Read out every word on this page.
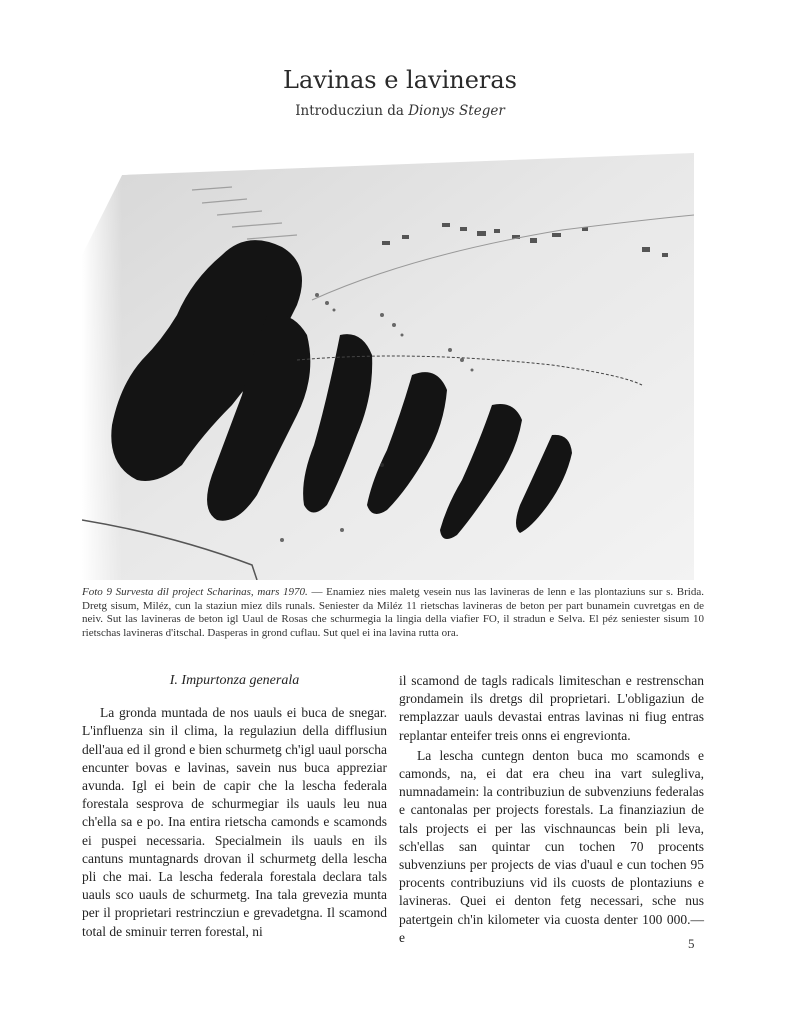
Lavinas e lavineras
Introducziun da Dionys Steger
Foto 9 Survesta dil project Scharinas, mars 1970. — Enamiez nies maletg vesein nus las lavineras de lenn e las plontaziuns sur s. Brida. Dretg sisum, Miléz, cun la staziun miez dils runals. Seniester da Miléz 11 rietschas lavineras de beton per part bunamein cuvretgas en de neiv. Sut las lavineras de beton igl Uaul de Rosas che schurmegia la lingia della viafier FO, il stradun e Selva. El péz seniester sisum 10 rietschas lavineras d'itschal. Dasperas in grond cuflau. Sut quel ei ina lavina rutta ora.
I. Impurtonza generala

La gronda muntada de nos uauls ei buca de snegar. L'influenza sin il clima, la regulaziun della difflusiun dell'aua ed il grond e bien schurmetg ch'igl uaul porscha encunter bovas e lavinas, savein nus buca appreziar avunda. Igl ei bein de capir che la lescha federala forestala sesprova de schurmegiar ils uauls leu nua ch'ella sa e po. Ina entira rietscha camonds e scamonds ei puspei necessaria. Specialmein ils uauls en ils cantuns muntagnards drovan il schurmetg della lescha pli che mai. La lescha federala forestala declara tals uauls sco uauls de schurmetg. Ina tala grevezia munta per il proprietari restrincziun e grevadetgna. Il scamond total de sminuir terren forestal, ni

il scamond de tagls radicals limiteschan e restrenschan grondamein ils dretgs dil proprietari. L'obligaziun de remplazzar uauls devastai entras lavinas ni fiug entras replantar enteifer treis onns ei engrevionta.

La lescha cuntegn denton buca mo scamonds e camonds, na, ei dat era cheu ina vart sulegliva, numnadamein: la contribuziun de subvenziuns federalas e cantonalas per projects forestals. La finanziaziun de tals projects ei per las vischnauncas bein pli leva, sch'ellas san quintar cun tochen 70 procents subvenziuns per projects de vias d'uaul e cun tochen 95 procents contribuziuns vid ils cuosts de plontaziuns e lavineras. Quei ei denton fetg necessari, sche nus patertgein ch'in kilometer via cuosta denter 100 000.— e	5
